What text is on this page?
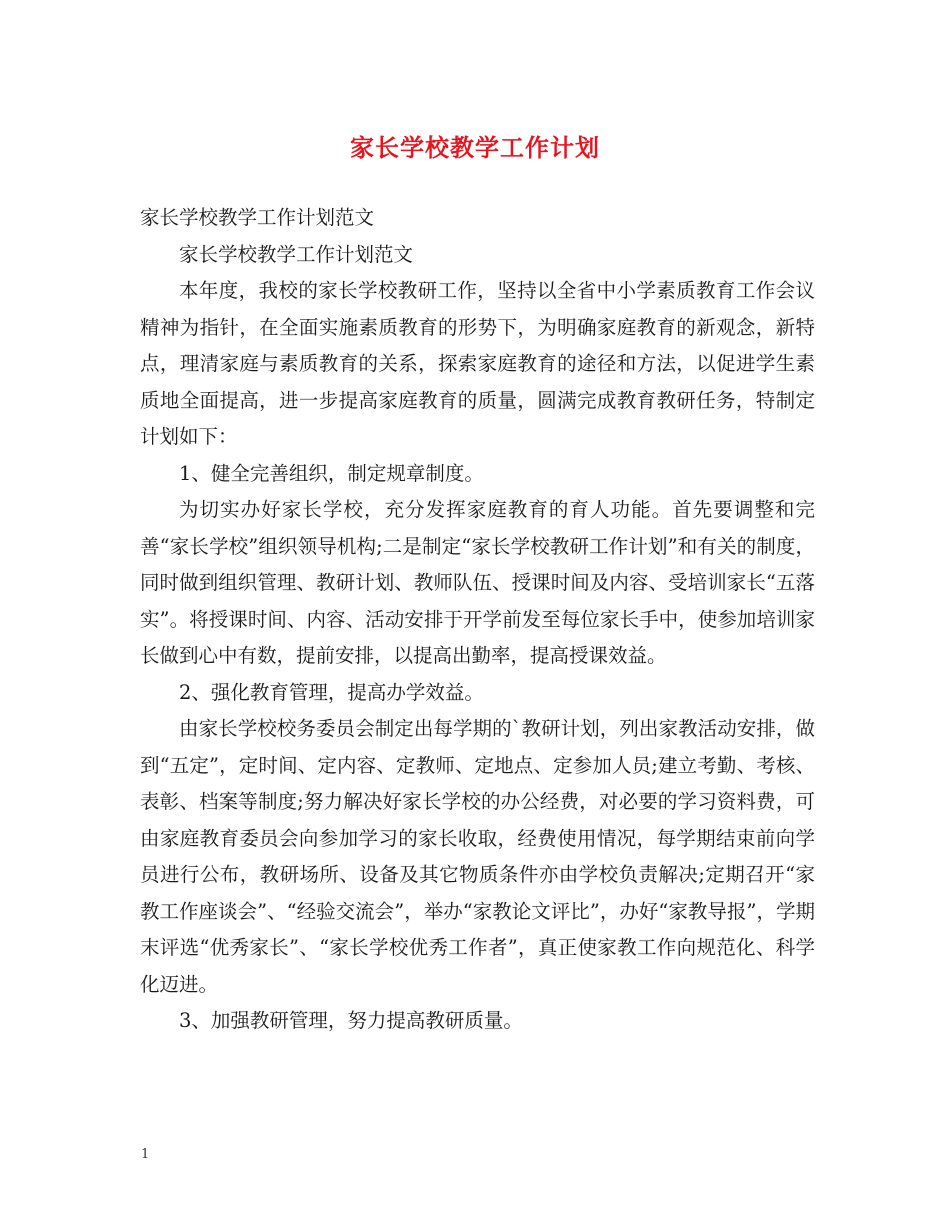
家长学校教学工作计划

家长学校教学工作计划范文

家长学校教学工作计划范文

本年度，我校的家长学校教研工作，坚持以全省中小学素质教育工作会议精神为指针，在全面实施素质教育的形势下，为明确家庭教育的新观念，新特点，理清家庭与素质教育的关系，探索家庭教育的途径和方法，以促进学生素质地全面提高，进一步提高家庭教育的质量，圆满完成教育教研任务，特制定计划如下：

1、健全完善组织，制定规章制度。

为切实办好家长学校，充分发挥家庭教育的育人功能。首先要调整和完善“家长学校”组织领导机构;二是制定“家长学校教研工作计划”和有关的制度，同时做到组织管理、教研计划、教师队伍、授课时间及内容、受培训家长“五落实”。将授课时间、内容、活动安排于开学前发至每位家长手中，使参加培训家长做到心中有数，提前安排，以提高出勤率，提高授课效益。

2、强化教育管理，提高办学效益。

由家长学校校务委员会制定出每学期的`教研计划，列出家教活动安排，做到“五定”，定时间、定内容、定教师、定地点、定参加人员;建立考勤、考核、表彰、档案等制度;努力解决好家长学校的办公经费，对必要的学习资料费，可由家庭教育委员会向参加学习的家长收取，经费使用情况，每学期结束前向学员进行公布，教研场所、设备及其它物质条件亦由学校负责解决;定期召开“家教工作座谈会”、“经验交流会”，举办“家教论文评比”，办好“家教导报”，学期末评选“优秀家长”、“家长学校优秀工作者”，真正使家教工作向规范化、科学化迈进。

3、加强教研管理，努力提高教研质量。

1
